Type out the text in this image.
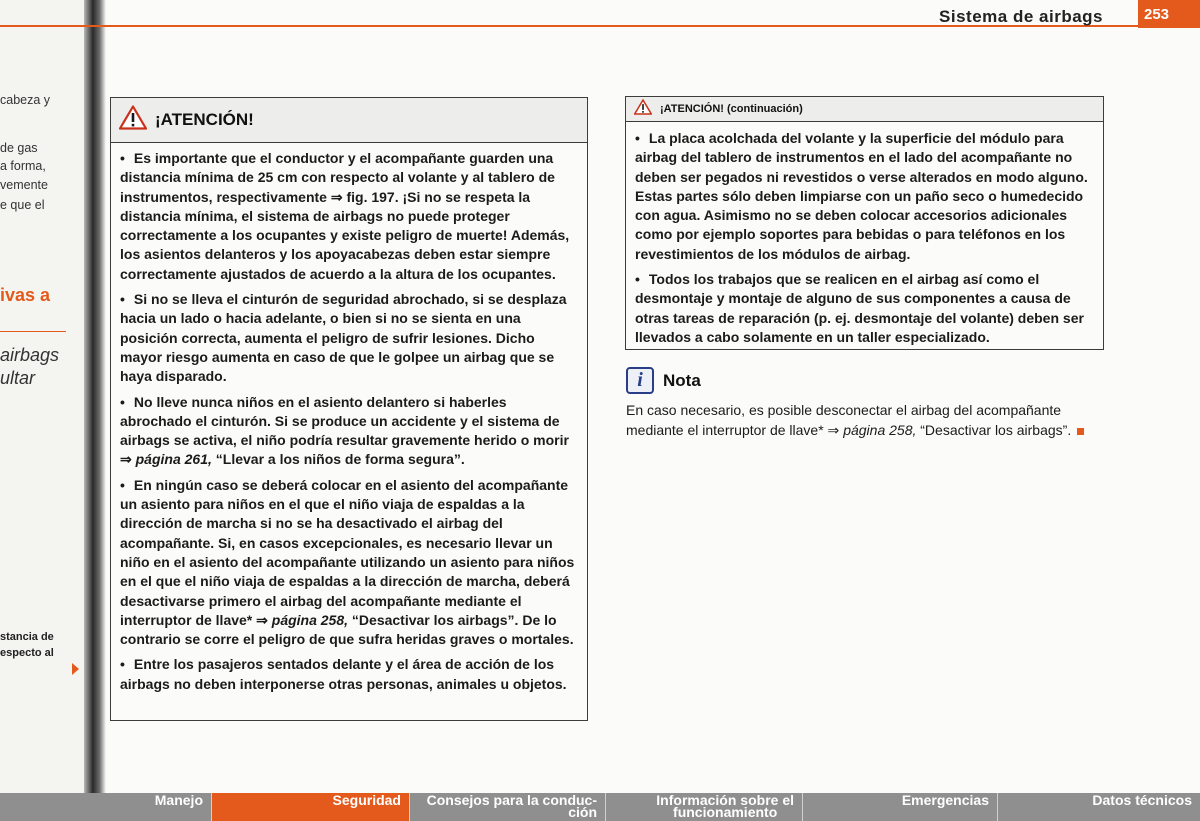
cabeza y
de gas
a forma,
vemente
e que el
ivas a
airbags
ultar
stancia de
especto al
Sistema de airbags	253
¡ATENCIÓN!

• Es importante que el conductor y el acompañante guarden una distancia mínima de 25 cm con respecto al volante y al tablero de instrumentos, respectivamente ⇒ fig. 197. ¡Si no se respeta la distancia mínima, el sistema de airbags no puede proteger correctamente a los ocupantes y existe peligro de muerte! Además, los asientos delanteros y los apoyacabezas deben estar siempre correctamente ajustados de acuerdo a la altura de los ocupantes.

• Si no se lleva el cinturón de seguridad abrochado, si se desplaza hacia un lado o hacia adelante, o bien si no se sienta en una posición correcta, aumenta el peligro de sufrir lesiones. Dicho mayor riesgo aumenta en caso de que le golpee un airbag que se haya disparado.

• No lleve nunca niños en el asiento delantero si haberles abrochado el cinturón. Si se produce un accidente y el sistema de airbags se activa, el niño podría resultar gravemente herido o morir ⇒ página 261, “Llevar a los niños de forma segura”.

• En ningún caso se deberá colocar en el asiento del acompañante un asiento para niños en el que el niño viaja de espaldas a la dirección de marcha si no se ha desactivado el airbag del acompañante. Si, en casos excepcionales, es necesario llevar un niño en el asiento del acompañante utilizando un asiento para niños en el que el niño viaja de espaldas a la dirección de marcha, deberá desactivarse primero el airbag del acompañante mediante el interruptor de llave* ⇒ página 258, “Desactivar los airbags”. De lo contrario se corre el peligro de que sufra heridas graves o mortales.

• Entre los pasajeros sentados delante y el área de acción de los airbags no deben interponerse otras personas, animales u objetos.

¡ATENCIÓN! (continuación)

• La placa acolchada del volante y la superficie del módulo para airbag del tablero de instrumentos en el lado del acompañante no deben ser pegados ni revestidos o verse alterados en modo alguno. Estas partes sólo deben limpiarse con un paño seco o humedecido con agua. Asimismo no se deben colocar accesorios adicionales como por ejemplo soportes para bebidas o para teléfonos en los revestimientos de los módulos de airbag.

• Todos los trabajos que se realicen en el airbag así como el desmontaje y montaje de alguno de sus componentes a causa de otras tareas de reparación (p. ej. desmontaje del volante) deben ser llevados a cabo solamente en un taller especializado.

i	Nota
En caso necesario, es posible desconectar el airbag del acompañante mediante el interruptor de llave* ⇒ página 258, “Desactivar los airbags”.
Manejo	Seguridad Consejos para la conduc-
ción
Información sobre el
funcionamiento
Emergencias	Datos técnicos
